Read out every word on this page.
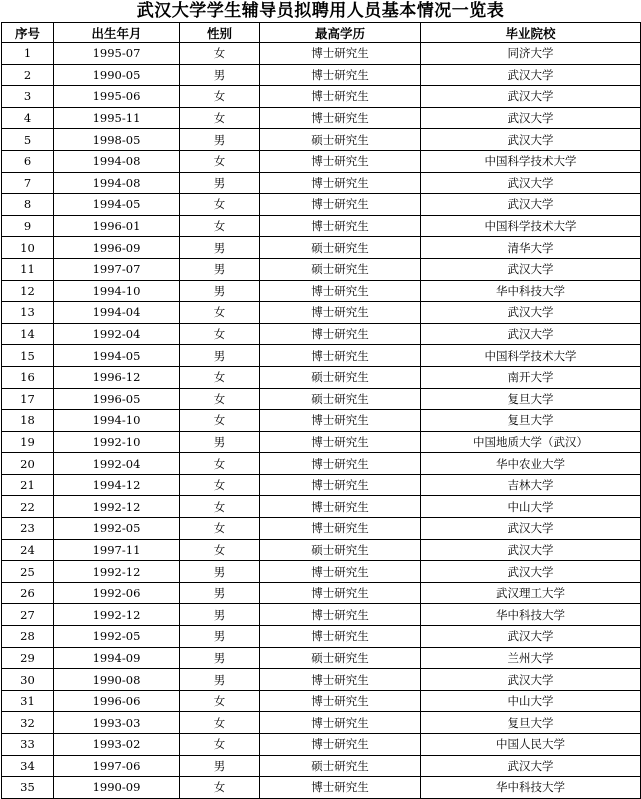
武汉大学学生辅导员拟聘用人员基本情况一览表
序号	出生年月	性别	最高学历	毕业院校
1	1995-07	女	博士研究生	同济大学
2	1990-05	男	博士研究生	武汉大学
3	1995-06	女	博士研究生	武汉大学
4	1995-11	女	博士研究生	武汉大学
5	1998-05	男	硕士研究生	武汉大学
6	1994-08	女	博士研究生	中国科学技术大学
7	1994-08	男	博士研究生	武汉大学
8	1994-05	女	博士研究生	武汉大学
9	1996-01	女	博士研究生	中国科学技术大学
10	1996-09	男	硕士研究生	清华大学
11	1997-07	男	硕士研究生	武汉大学
12	1994-10	男	博士研究生	华中科技大学
13	1994-04	女	博士研究生	武汉大学
14	1992-04	女	博士研究生	武汉大学
15	1994-05	男	博士研究生	中国科学技术大学
16	1996-12	女	硕士研究生	南开大学
17	1996-05	女	硕士研究生	复旦大学
18	1994-10	女	博士研究生	复旦大学
19	1992-10	男	博士研究生	中国地质大学（武汉）
20	1992-04	女	博士研究生	华中农业大学
21	1994-12	女	博士研究生	吉林大学
22	1992-12	女	博士研究生	中山大学
23	1992-05	女	博士研究生	武汉大学
24	1997-11	女	硕士研究生	武汉大学
25	1992-12	男	博士研究生	武汉大学
26	1992-06	男	博士研究生	武汉理工大学
27	1992-12	男	博士研究生	华中科技大学
28	1992-05	男	博士研究生	武汉大学
29	1994-09	男	硕士研究生	兰州大学
30	1990-08	男	博士研究生	武汉大学
31	1996-06	女	博士研究生	中山大学
32	1993-03	女	博士研究生	复旦大学
33	1993-02	女	博士研究生	中国人民大学
34	1997-06	男	硕士研究生	武汉大学
35	1990-09	女	博士研究生	华中科技大学
